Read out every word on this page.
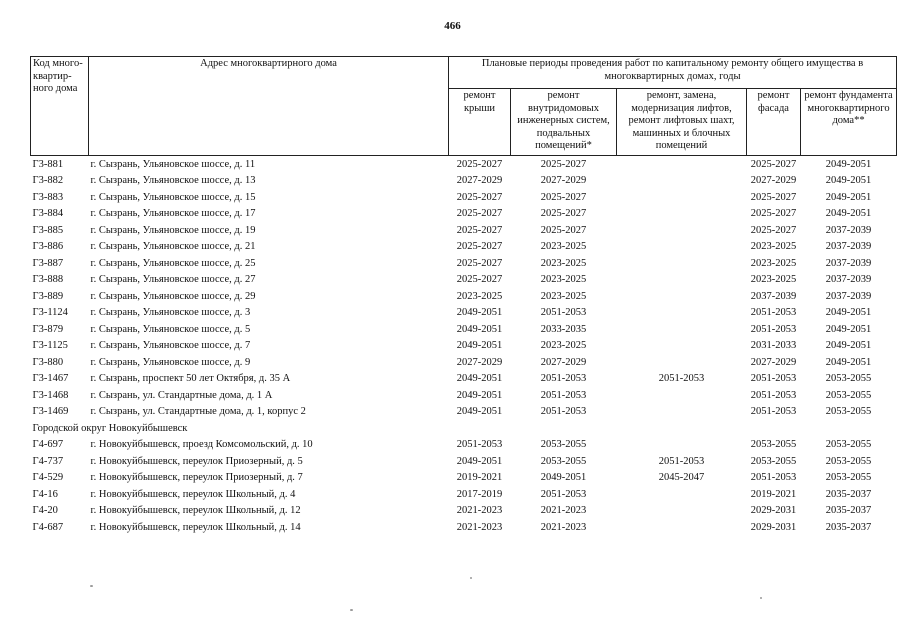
466
Код много-квартир-ного дома	Адрес многоквартирного дома	Плановые периоды проведения работ по капитальному ремонту общего имущества в многоквартирных домах, годы				
		ремонт крыши	ремонт внутридомовых инженерных систем, подвальных помещений*	ремонт, замена, модернизация лифтов, ремонт лифтовых шахт, машинных и блочных помещений	ремонт фасада	ремонт фундамента многоквартирного дома**
Г3-881	г. Сызрань, Ульяновское шоссе, д. 11	2025-2027	2025-2027		2025-2027	2049-2051
Г3-882	г. Сызрань, Ульяновское шоссе, д. 13	2027-2029	2027-2029		2027-2029	2049-2051
Г3-883	г. Сызрань, Ульяновское шоссе, д. 15	2025-2027	2025-2027		2025-2027	2049-2051
Г3-884	г. Сызрань, Ульяновское шоссе, д. 17	2025-2027	2025-2027		2025-2027	2049-2051
Г3-885	г. Сызрань, Ульяновское шоссе, д. 19	2025-2027	2025-2027		2025-2027	2037-2039
Г3-886	г. Сызрань, Ульяновское шоссе, д. 21	2025-2027	2023-2025		2023-2025	2037-2039
Г3-887	г. Сызрань, Ульяновское шоссе, д. 25	2025-2027	2023-2025		2023-2025	2037-2039
Г3-888	г. Сызрань, Ульяновское шоссе, д. 27	2025-2027	2023-2025		2023-2025	2037-2039
Г3-889	г. Сызрань, Ульяновское шоссе, д. 29	2023-2025	2023-2025		2037-2039	2037-2039
Г3-1124	г. Сызрань, Ульяновское шоссе, д. 3	2049-2051	2051-2053		2051-2053	2049-2051
Г3-879	г. Сызрань, Ульяновское шоссе, д. 5	2049-2051	2033-2035		2051-2053	2049-2051
Г3-1125	г. Сызрань, Ульяновское шоссе, д. 7	2049-2051	2023-2025		2031-2033	2049-2051
Г3-880	г. Сызрань, Ульяновское шоссе, д. 9	2027-2029	2027-2029		2027-2029	2049-2051
Г3-1467	г. Сызрань, проспект 50 лет Октября, д. 35 А	2049-2051	2051-2053	2051-2053	2051-2053	2053-2055
Г3-1468	г. Сызрань, ул. Стандартные дома, д. 1 А	2049-2051	2051-2053		2051-2053	2053-2055
Г3-1469	г. Сызрань, ул. Стандартные дома, д. 1, корпус 2	2049-2051	2051-2053		2051-2053	2053-2055
Городской округ Новокуйбышевск						
Г4-697	г. Новокуйбышевск, проезд Комсомольский, д. 10	2051-2053	2053-2055		2053-2055	2053-2055
Г4-737	г. Новокуйбышевск, переулок Приозерный, д. 5	2049-2051	2053-2055	2051-2053	2053-2055	2053-2055
Г4-529	г. Новокуйбышевск, переулок Приозерный, д. 7	2019-2021	2049-2051	2045-2047	2051-2053	2053-2055
Г4-16	г. Новокуйбышевск, переулок Школьный, д. 4	2017-2019	2051-2053		2019-2021	2035-2037
Г4-20	г. Новокуйбышевск, переулок Школьный, д. 12	2021-2023	2021-2023		2029-2031	2035-2037
Г4-687	г. Новокуйбышевск, переулок Школьный, д. 14	2021-2023	2021-2023		2029-2031	2035-2037
